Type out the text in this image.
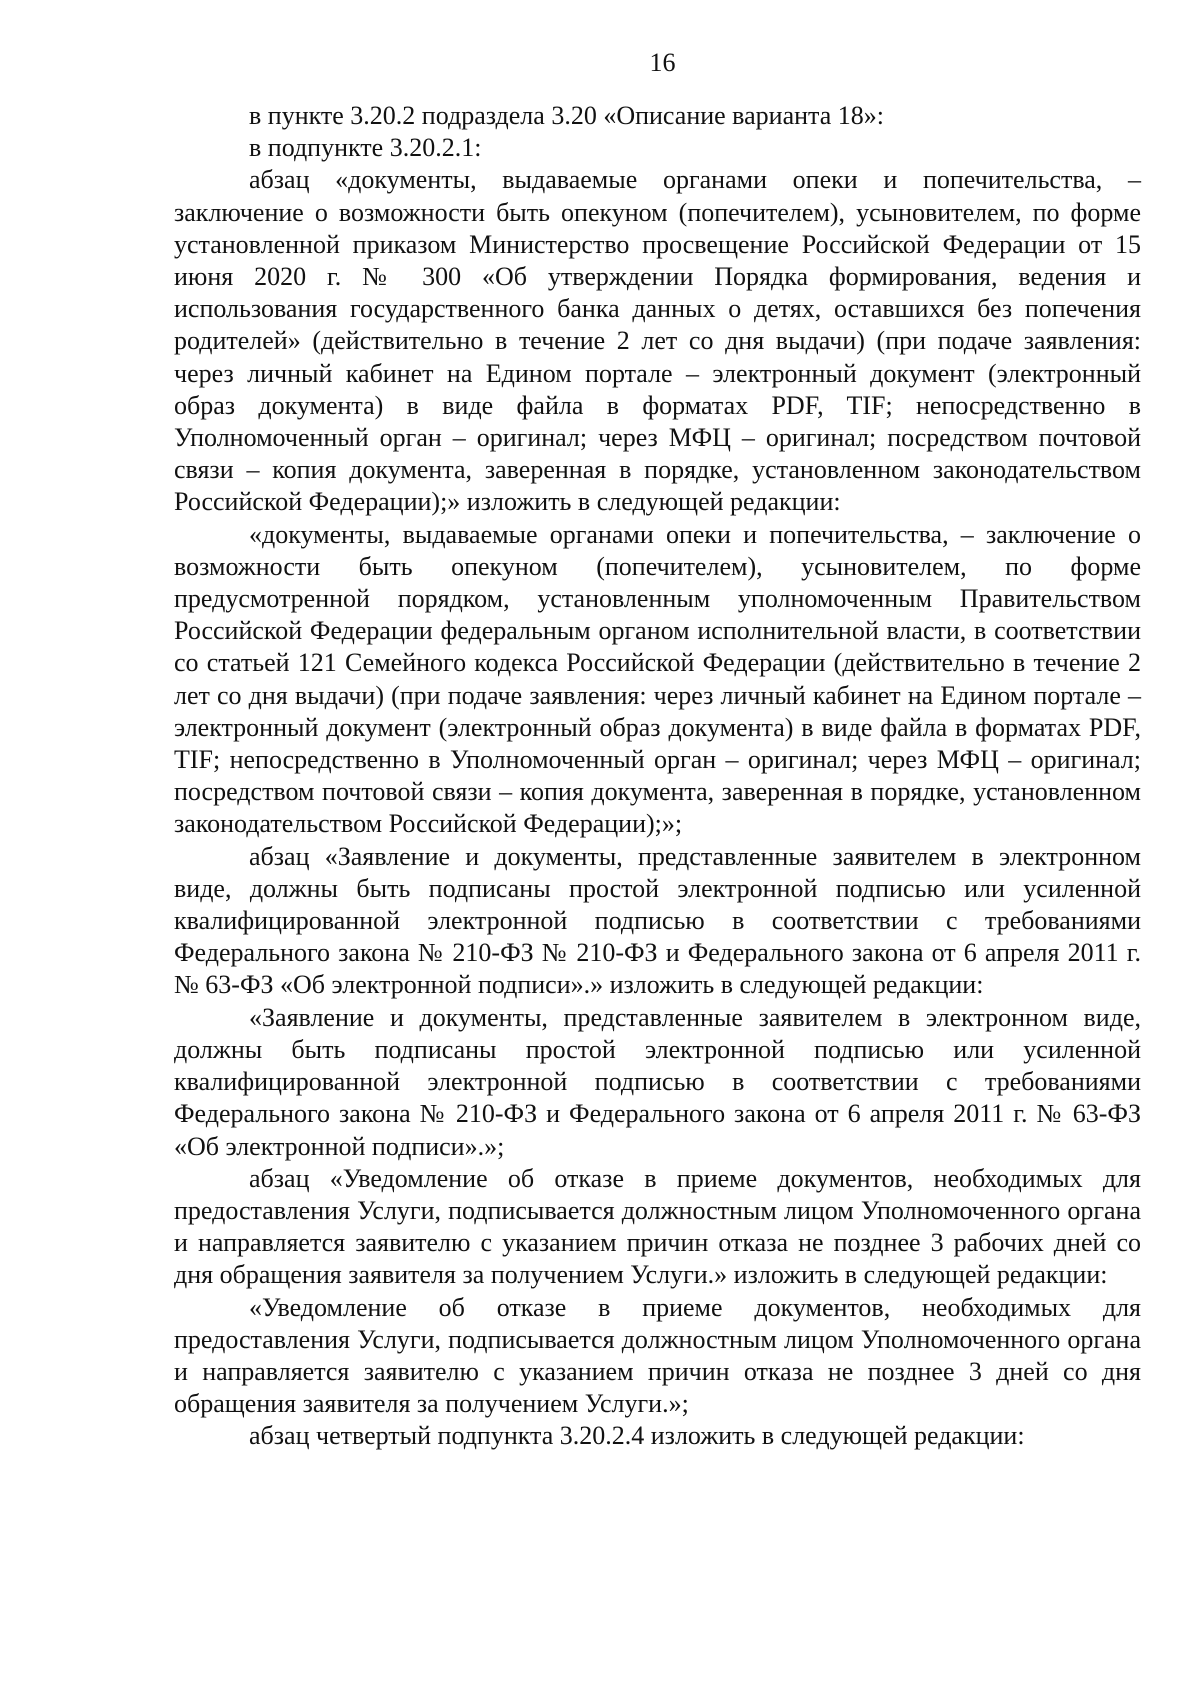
16

в пункте 3.20.2 подраздела 3.20 «Описание варианта 18»:

в подпункте 3.20.2.1:

абзац «документы, выдаваемые органами опеки и попечительства, – заключение о возможности быть опекуном (попечителем), усыновителем, по форме установленной приказом Министерство просвещение Российской Федерации от 15 июня 2020 г. № 300 «Об утверждении Порядка формирования, ведения и использования государственного банка данных о детях, оставшихся без попечения родителей» (действительно в течение 2 лет со дня выдачи) (при подаче заявления: через личный кабинет на Едином портале – электронный документ (электронный образ документа) в виде файла в форматах PDF, TIF; непосредственно в Уполномоченный орган – оригинал; через МФЦ – оригинал; посредством почтовой связи – копия документа, заверенная в порядке, установленном законодательством Российской Федерации);» изложить в следующей редакции:

«документы, выдаваемые органами опеки и попечительства, – заключение о возможности быть опекуном (попечителем), усыновителем, по форме предусмотренной порядком, установленным уполномоченным Правительством Российской Федерации федеральным органом исполнительной власти, в соответствии со статьей 121 Семейного кодекса Российской Федерации (действительно в течение 2 лет со дня выдачи) (при подаче заявления: через личный кабинет на Едином портале – электронный документ (электронный образ документа) в виде файла в форматах PDF, TIF; непосредственно в Уполномоченный орган – оригинал; через МФЦ – оригинал; посредством почтовой связи – копия документа, заверенная в порядке, установленном законодательством Российской Федерации);»;

абзац «Заявление и документы, представленные заявителем в электронном виде, должны быть подписаны простой электронной подписью или усиленной квалифицированной электронной подписью в соответствии с требованиями Федерального закона № 210-ФЗ № 210-ФЗ и Федерального закона от 6 апреля 2011 г. № 63-ФЗ «Об электронной подписи».» изложить в следующей редакции:

«Заявление и документы, представленные заявителем в электронном виде, должны быть подписаны простой электронной подписью или усиленной квалифицированной электронной подписью в соответствии с требованиями Федерального закона № 210-ФЗ и Федерального закона от 6 апреля 2011 г. № 63-ФЗ «Об электронной подписи».»;

абзац «Уведомление об отказе в приеме документов, необходимых для предоставления Услуги, подписывается должностным лицом Уполномоченного органа и направляется заявителю с указанием причин отказа не позднее 3 рабочих дней со дня обращения заявителя за получением Услуги.» изложить в следующей редакции:

«Уведомление об отказе в приеме документов, необходимых для предоставления Услуги, подписывается должностным лицом Уполномоченного органа и направляется заявителю с указанием причин отказа не позднее 3 дней со дня обращения заявителя за получением Услуги.»;

абзац четвертый подпункта 3.20.2.4 изложить в следующей редакции:
